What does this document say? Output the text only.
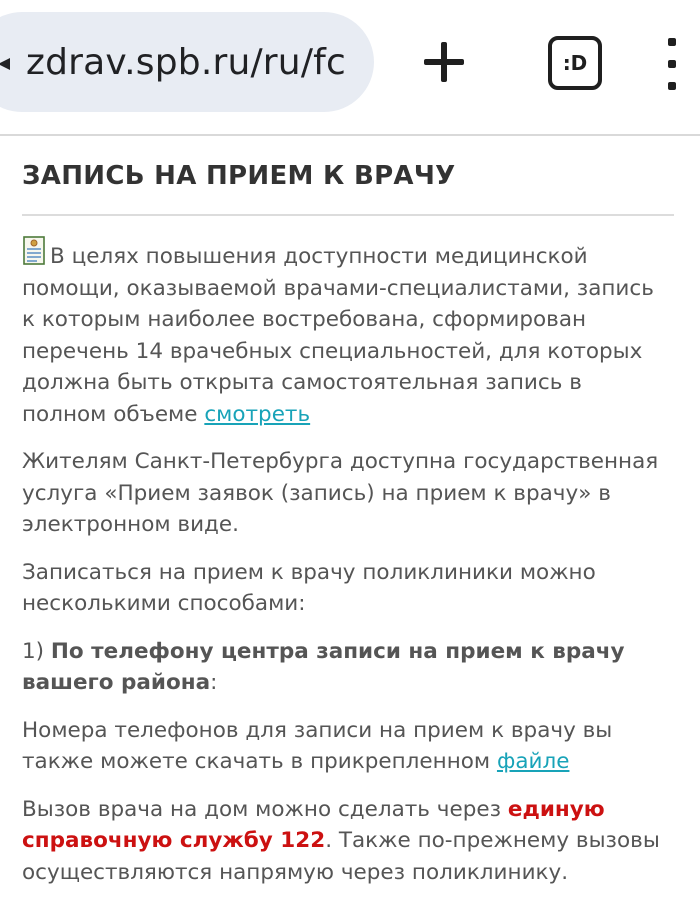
zdrav.spb.ru/ru/fc	:D
ЗАПИСЬ НА ПРИЕМ К ВРАЧУ

В целях повышения доступности медицинской помощи, оказываемой врачами-специалистами, запись к которым наиболее востребована, сформирован перечень 14 врачебных специальностей, для которых должна быть открыта самостоятельная запись в полном объеме смотреть

Жителям Санкт-Петербурга доступна государственная услуга «Прием заявок (запись) на прием к врачу» в электронном виде.

Записаться на прием к врачу поликлиники можно несколькими способами:

1) По телефону центра записи на прием к врачу вашего района:

Номера телефонов для записи на прием к врачу вы также можете скачать в прикрепленном файле

Вызов врача на дом можно сделать через единую справочную службу 122. Также по-прежнему вызовы осуществляются напрямую через поликлинику.
